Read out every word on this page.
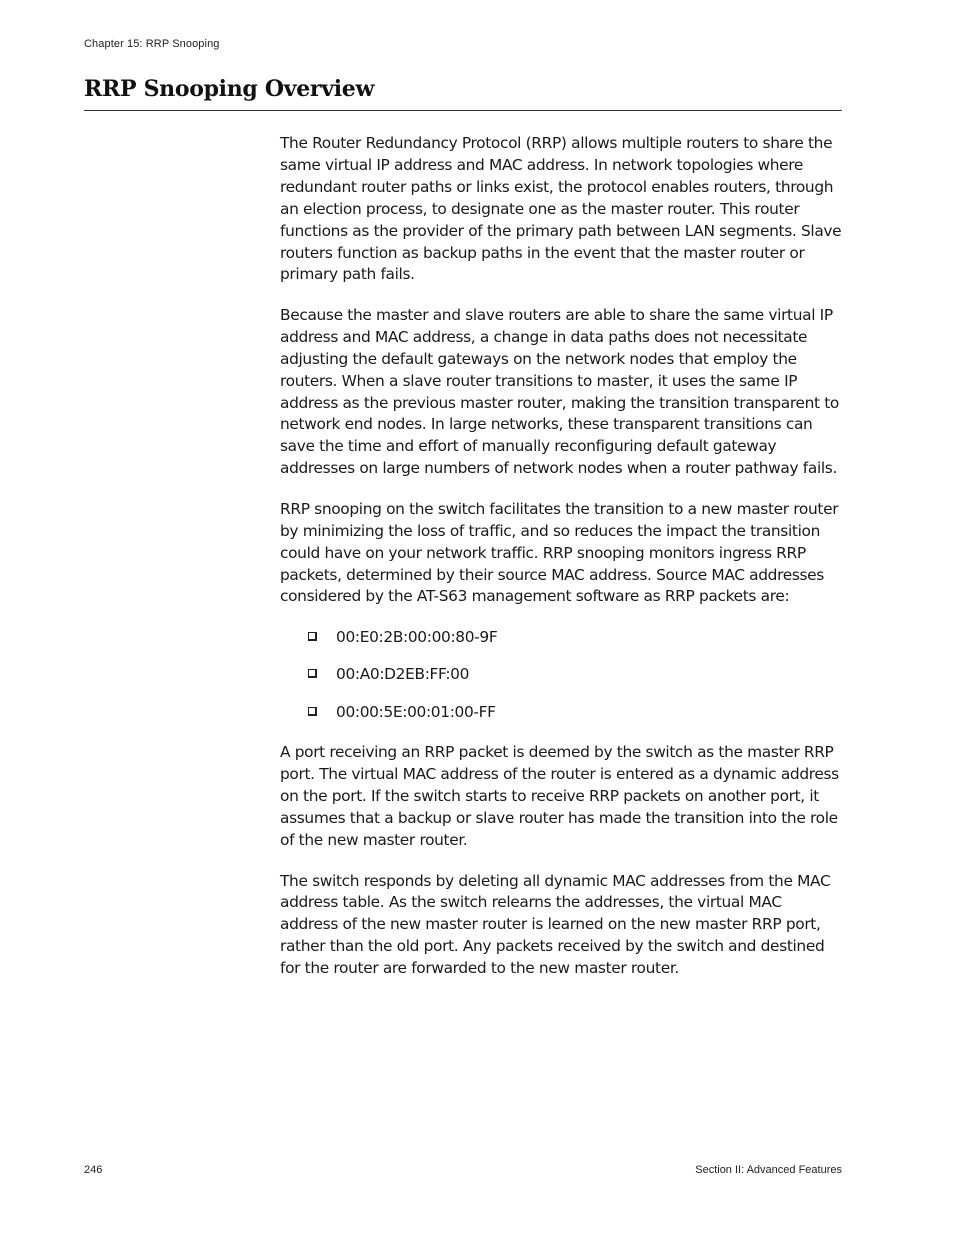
Chapter 15: RRP Snooping
RRP Snooping Overview

The Router Redundancy Protocol (RRP) allows multiple routers to share the same virtual IP address and MAC address. In network topologies where redundant router paths or links exist, the protocol enables routers, through an election process, to designate one as the master router. This router functions as the provider of the primary path between LAN segments. Slave routers function as backup paths in the event that the master router or primary path fails.

Because the master and slave routers are able to share the same virtual IP address and MAC address, a change in data paths does not necessitate adjusting the default gateways on the network nodes that employ the routers. When a slave router transitions to master, it uses the same IP address as the previous master router, making the transition transparent to network end nodes. In large networks, these transparent transitions can save the time and effort of manually reconfiguring default gateway addresses on large numbers of network nodes when a router pathway fails.

RRP snooping on the switch facilitates the transition to a new master router by minimizing the loss of traffic, and so reduces the impact the transition could have on your network traffic. RRP snooping monitors ingress RRP packets, determined by their source MAC address. Source MAC addresses considered by the AT-S63 management software as RRP packets are:

00:E0:2B:00:00:80-9F
00:A0:D2EB:FF:00
00:00:5E:00:01:00-FF

A port receiving an RRP packet is deemed by the switch as the master RRP port. The virtual MAC address of the router is entered as a dynamic address on the port. If the switch starts to receive RRP packets on another port, it assumes that a backup or slave router has made the transition into the role of the new master router.

The switch responds by deleting all dynamic MAC addresses from the MAC address table. As the switch relearns the addresses, the virtual MAC address of the new master router is learned on the new master RRP port, rather than the old port. Any packets received by the switch and destined for the router are forwarded to the new master router.

246	Section II: Advanced Features
